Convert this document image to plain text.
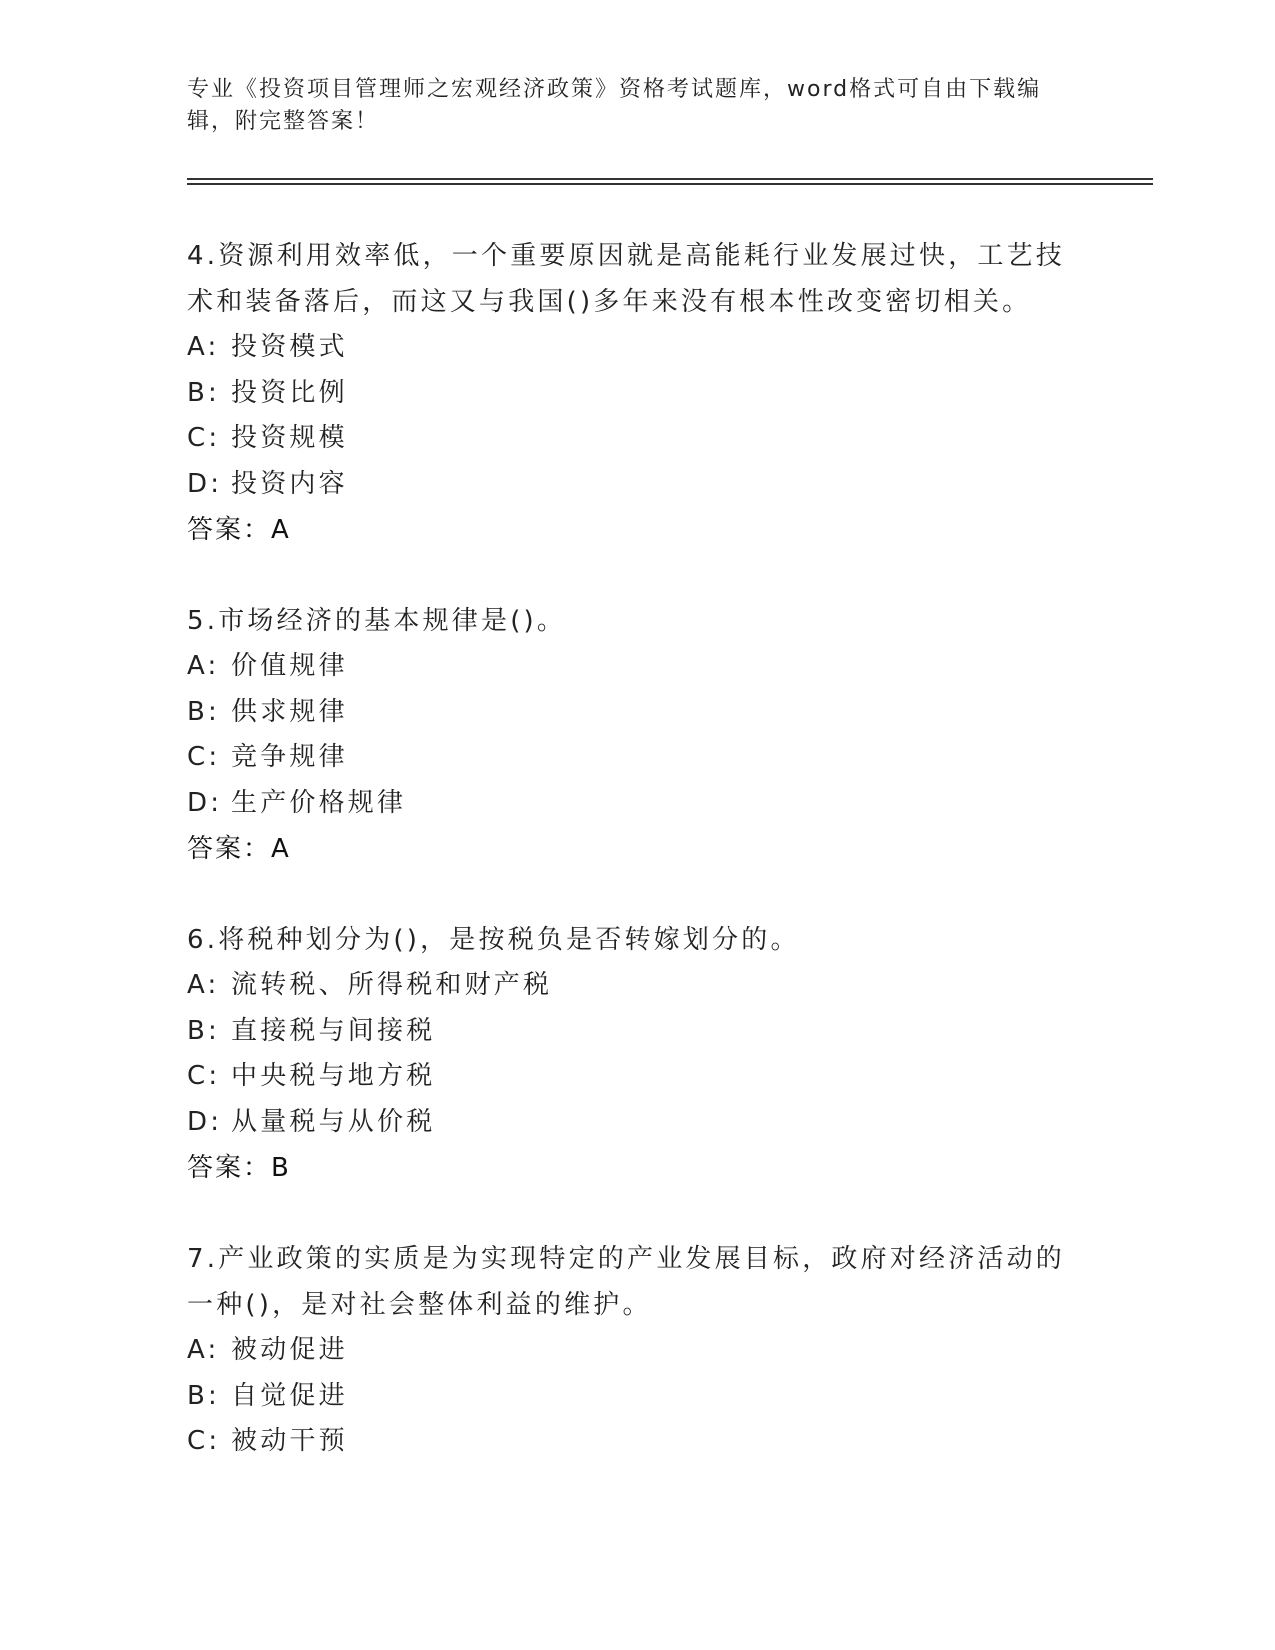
专业《投资项目管理师之宏观经济政策》资格考试题库，word格式可自由下载编辑，附完整答案！

4.资源利用效率低，一个重要原因就是高能耗行业发展过快，工艺技术和装备落后，而这又与我国()多年来没有根本性改变密切相关。

A: 投资模式

B: 投资比例

C: 投资规模

D: 投资内容

答案：A

5.市场经济的基本规律是()。

A: 价值规律

B: 供求规律

C: 竞争规律

D: 生产价格规律

答案：A

6.将税种划分为()，是按税负是否转嫁划分的。

A: 流转税、所得税和财产税

B: 直接税与间接税

C: 中央税与地方税

D: 从量税与从价税

答案：B

7.产业政策的实质是为实现特定的产业发展目标，政府对经济活动的一种()，是对社会整体利益的维护。

A: 被动促进

B: 自觉促进

C: 被动干预
